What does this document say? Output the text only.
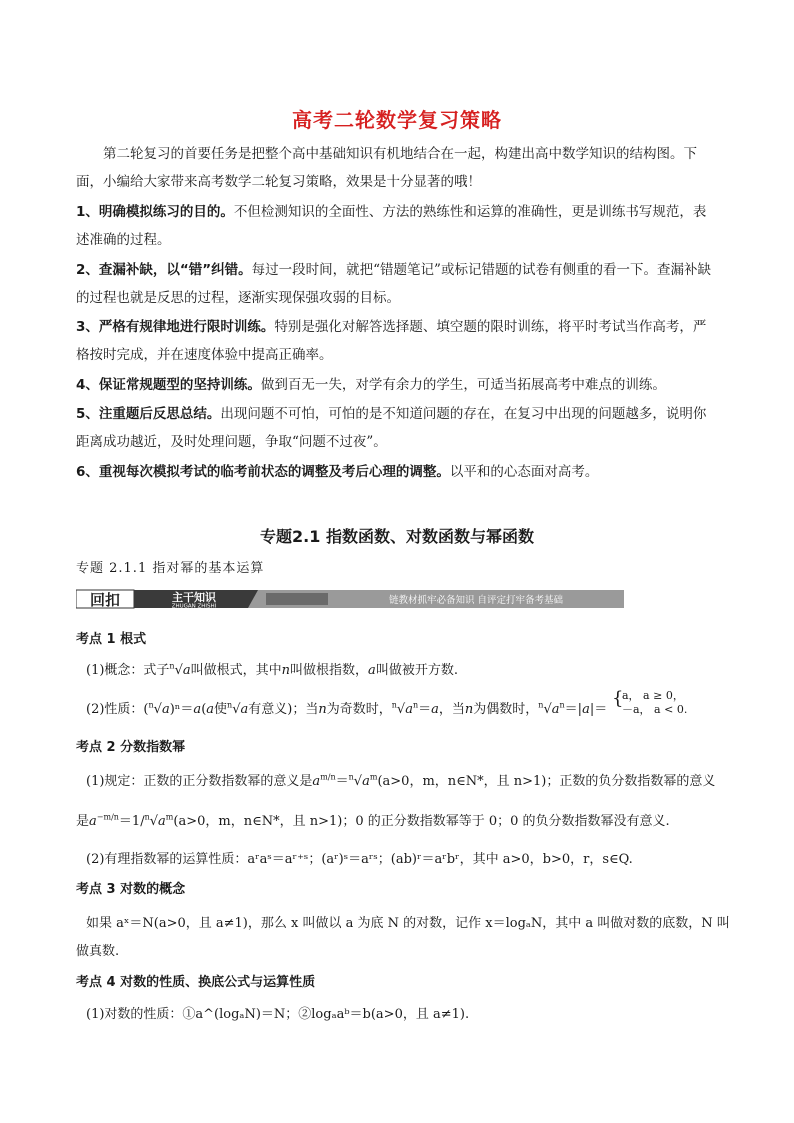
高考二轮数学复习策略
第二轮复习的首要任务是把整个高中基础知识有机地结合在一起，构建出高中数学知识的结构图。下
面，小编给大家带来高考数学二轮复习策略，效果是十分显著的哦！
1、明确模拟练习的目的。不但检测知识的全面性、方法的熟练性和运算的准确性，更是训练书写规范，表
述准确的过程。
2、查漏补缺，以“错”纠错。每过一段时间，就把“错题笔记”或标记错题的试卷有侧重的看一下。查漏补缺
的过程也就是反思的过程，逐渐实现保强攻弱的目标。
3、严格有规律地进行限时训练。特别是强化对解答选择题、填空题的限时训练，将平时考试当作高考，严
格按时完成，并在速度体验中提高正确率。
4、保证常规题型的坚持训练。做到百无一失，对学有余力的学生，可适当拓展高考中难点的训练。
5、注重题后反思总结。出现问题不可怕，可怕的是不知道问题的存在，在复习中出现的问题越多，说明你
距离成功越近，及时处理问题，争取“问题不过夜”。
6、重视每次模拟考试的临考前状态的调整及考后心理的调整。以平和的心态面对高考。
专题2.1 指数函数、对数函数与幂函数
专题 2.1.1 指对幂的基本运算
回扣	主干知识
ZHUGAN ZHISHI
链教材抓牢必备知识 自评定打牢备考基础
考点 1 根式
(1)概念：式子$^n$√a叫做根式，其中n叫做根指数，a叫做被开方数.
(2)性质：($^n$√a)ⁿ＝a(a使$^n$√a有意义)；当n为奇数时，$^n√a^n=a$，当n为偶数时，$^n√a^n=|a|=$
{
a， a ≥ 0，
－a， a < 0.
考点 2 分数指数幂
(1)规定：正数的正分数指数幂的意义是$a^{m/n}=^n√a^m(a>0$，m，n∈N*，且 n>1)；正数的负分数指数幂的意义
是$a^{-m/n}=1/^n√a^m(a>0$，m，n∈N*，且 n>1)；0 的正分数指数幂等于 0；0 的负分数指数幂没有意义.
(2)有理指数幂的运算性质：aʳaˢ＝aʳ⁺ˢ；(aʳ)ˢ＝aʳˢ；(ab)ʳ＝aʳbʳ，其中 a>0，b>0，r，s∈Q.
考点 3 对数的概念
如果 aˣ＝N(a>0，且 a≠1)，那么 x 叫做以 a 为底 N 的对数，记作 x＝logₐN，其中 a 叫做对数的底数，N 叫
做真数.
考点 4 对数的性质、换底公式与运算性质
(1)对数的性质：①a^(logₐN)＝N；②logₐaᵇ＝b(a>0，且 a≠1).
